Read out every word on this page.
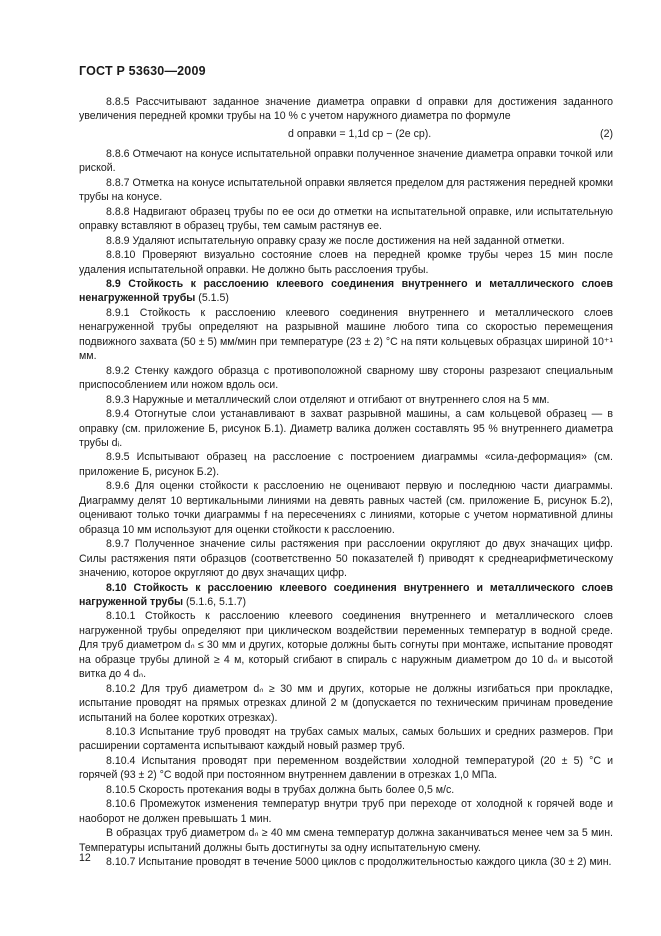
ГОСТ Р 53630—2009

8.8.5 Рассчитывают заданное значение диаметра оправки d оправки для достижения заданного увеличения передней кромки трубы на 10 % с учетом наружного диаметра по формуле

d оправки = 1,1d ср − (2e ср).	(2)

8.8.6 Отмечают на конусе испытательной оправки полученное значение диаметра оправки точкой или риской.

8.8.7 Отметка на конусе испытательной оправки является пределом для растяжения передней кромки трубы на конусе.

8.8.8 Надвигают образец трубы по ее оси до отметки на испытательной оправке, или испытательную оправку вставляют в образец трубы, тем самым растянув ее.

8.8.9 Удаляют испытательную оправку сразу же после достижения на ней заданной отметки.

8.8.10 Проверяют визуально состояние слоев на передней кромке трубы через 15 мин после удаления испытательной оправки. Не должно быть расслоения трубы.

8.9 Стойкость к расслоению клеевого соединения внутреннего и металлического слоев ненагруженной трубы (5.1.5)

8.9.1 Стойкость к расслоению клеевого соединения внутреннего и металлического слоев ненагруженной трубы определяют на разрывной машине любого типа со скоростью перемещения подвижного захвата (50 ± 5) мм/мин при температуре (23 ± 2) °С на пяти кольцевых образцах шириной 10⁺¹ мм.

8.9.2 Стенку каждого образца с противоположной сварному шву стороны разрезают специальным приспособлением или ножом вдоль оси.

8.9.3 Наружные и металлический слои отделяют и отгибают от внутреннего слоя на 5 мм.

8.9.4 Отогнутые слои устанавливают в захват разрывной машины, а сам кольцевой образец — в оправку (см. приложение Б, рисунок Б.1). Диаметр валика должен составлять 95 % внутреннего диаметра трубы dᵢ.

8.9.5 Испытывают образец на расслоение с построением диаграммы «сила-деформация» (см. приложение Б, рисунок Б.2).

8.9.6 Для оценки стойкости к расслоению не оценивают первую и последнюю части диаграммы. Диаграмму делят 10 вертикальными линиями на девять равных частей (см. приложение Б, рисунок Б.2), оценивают только точки диаграммы f на пересечениях с линиями, которые с учетом нормативной длины образца 10 мм используют для оценки стойкости к расслоению.

8.9.7 Полученное значение силы растяжения при расслоении округляют до двух значащих цифр. Силы растяжения пяти образцов (соответственно 50 показателей f) приводят к среднеарифметическому значению, которое округляют до двух значащих цифр.

8.10 Стойкость к расслоению клеевого соединения внутреннего и металлического слоев нагруженной трубы (5.1.6, 5.1.7)

8.10.1 Стойкость к расслоению клеевого соединения внутреннего и металлического слоев нагруженной трубы определяют при циклическом воздействии переменных температур в водной среде. Для труб диаметром dₙ ≤ 30 мм и других, которые должны быть согнуты при монтаже, испытание проводят на образце трубы длиной ≥ 4 м, который сгибают в спираль с наружным диаметром до 10 dₙ и высотой витка до 4 dₙ.

8.10.2 Для труб диаметром dₙ ≥ 30 мм и других, которые не должны изгибаться при прокладке, испытание проводят на прямых отрезках длиной 2 м (допускается по техническим причинам проведение испытаний на более коротких отрезках).

8.10.3 Испытание труб проводят на трубах самых малых, самых больших и средних размеров. При расширении сортамента испытывают каждый новый размер труб.

8.10.4 Испытания проводят при переменном воздействии холодной температурой (20 ± 5) °С и горячей (93 ± 2) °С водой при постоянном внутреннем давлении в отрезках 1,0 МПа.

8.10.5 Скорость протекания воды в трубах должна быть более 0,5 м/с.

8.10.6 Промежуток изменения температур внутри труб при переходе от холодной к горячей воде и наоборот не должен превышать 1 мин.

В образцах труб диаметром dₙ ≥ 40 мм смена температур должна заканчиваться менее чем за 5 мин. Температуры испытаний должны быть достигнуты за одну испытательную смену.

8.10.7 Испытание проводят в течение 5000 циклов с продолжительностью каждого цикла (30 ± 2) мин.

12
